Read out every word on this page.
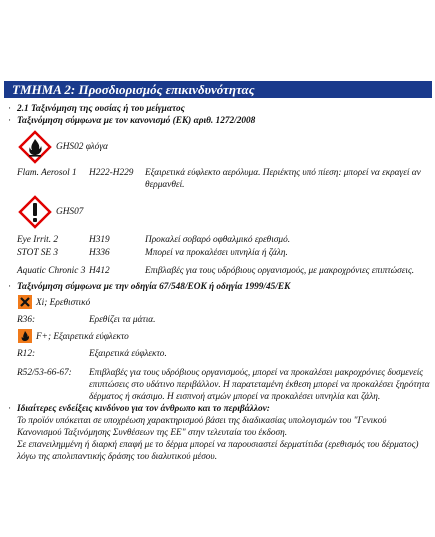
ΤΜΗΜΑ 2: Προσδιορισμός επικινδυνότητας
· 2.1 Ταξινόμηση της ουσίας ή του μείγματος
· Ταξινόμηση σύμφωνα με τον κανονισμό (ΕΚ) αριθ. 1272/2008
GHS02 φλόγα
Flam. Aerosol 1 H222-H229 Εξαιρετικά εύφλεκτο αερόλυμα. Περιέκτης υπό πίεση: μπορεί να εκραγεί αν
θερμανθεί.
GHS07
Eye Irrit. 2	H319	Προκαλεί σοβαρό οφθαλμικό ερεθισμό.
STOT SE 3	H336	Μπορεί να προκαλέσει υπνηλία ή ζάλη.
Aquatic Chronic 3 H412	Επιβλαβές για τους υδρόβιους οργανισμούς, με μακροχρόνιες επιπτώσεις.
· Ταξινόμηση σύμφωνα με την οδηγία 67/548/ΕΟΚ ή οδηγία 1999/45/ΕΚ
Xi; Ερεθιστικό
R36:	Ερεθίζει τα μάτια.
F+; Εξαιρετικά εύφλεκτο
R12:	Εξαιρετικά εύφλεκτο.
R52/53-66-67: Επιβλαβές για τους υδρόβιους οργανισμούς, μπορεί να προκαλέσει μακροχρόνιες δυσμενείς
επιπτώσεις στο υδάτινο περιβάλλον. Η παρατεταμένη έκθεση μπορεί να προκαλέσει ξηρότητα
δέρματος ή σκάσιμο. Η εισπνοή ατμών μπορεί να προκαλέσει υπνηλία και ζάλη.
· Ιδιαίτερες ενδείξεις κινδύνου για τον άνθρωπο και το περιβάλλον:
Το προϊόν υπόκειται σε υποχρέωση χαρακτηρισμού βάσει της διαδικασίας υπολογισμών του "Γενικού
Κανονισμού Ταξινόμησης Συνθέσεων της ΕΕ" στην τελευταία του έκδοση.
Σε επανειλημμένη ή διαρκή επαφή με το δέρμα μπορεί να παρουσιαστεί δερματίτιδα (ερεθισμός του δέρματος)
λόγω της απολιπαντικής δράσης του διαλυτικού μέσου.
